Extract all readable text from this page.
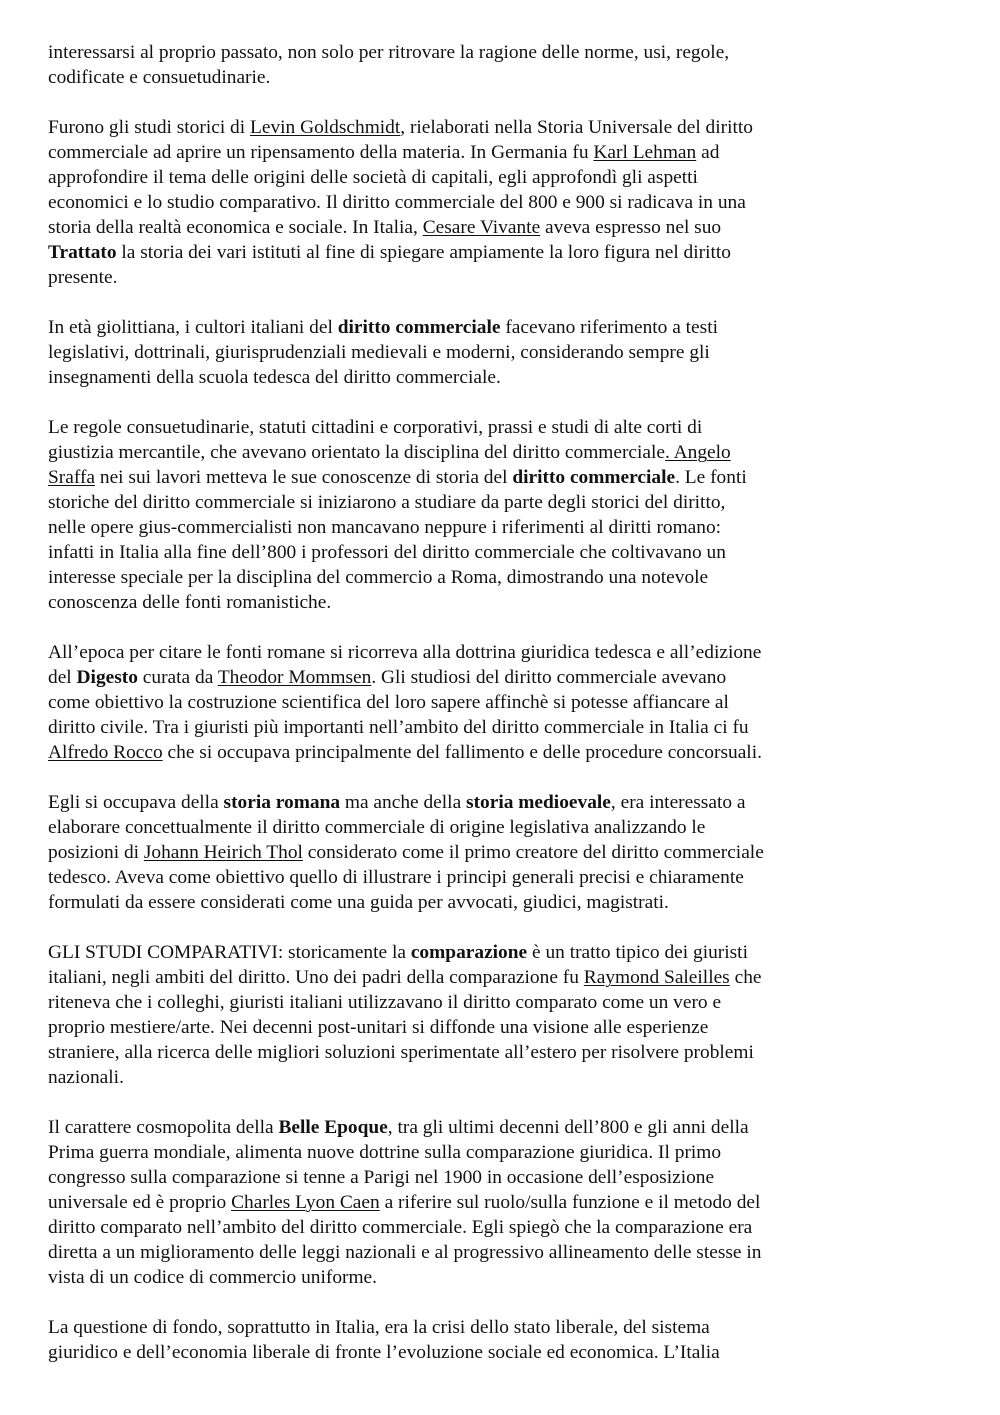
interessarsi al proprio passato, non solo per ritrovare la ragione delle norme, usi, regole,
codificate e consuetudinarie.

Furono gli studi storici di Levin Goldschmidt, rielaborati nella Storia Universale del diritto
commerciale ad aprire un ripensamento della materia. In Germania fu Karl Lehman ad
approfondire il tema delle origini delle società di capitali, egli approfondì gli aspetti
economici e lo studio comparativo. Il diritto commerciale del 800 e 900 si radicava in una
storia della realtà economica e sociale. In Italia, Cesare Vivante aveva espresso nel suo
Trattato la storia dei vari istituti al fine di spiegare ampiamente la loro figura nel diritto
presente.

In età giolittiana, i cultori italiani del diritto commerciale facevano riferimento a testi
legislativi, dottrinali, giurisprudenziali medievali e moderni, considerando sempre gli
insegnamenti della scuola tedesca del diritto commerciale.

Le regole consuetudinarie, statuti cittadini e corporativi, prassi e studi di alte corti di
giustizia mercantile, che avevano orientato la disciplina del diritto commerciale. Angelo
Sraffa nei sui lavori metteva le sue conoscenze di storia del diritto commerciale. Le fonti
storiche del diritto commerciale si iniziarono a studiare da parte degli storici del diritto,
nelle opere gius-commercialisti non mancavano neppure i riferimenti al diritti romano:
infatti in Italia alla fine dell’800 i professori del diritto commerciale che coltivavano un
interesse speciale per la disciplina del commercio a Roma, dimostrando una notevole
conoscenza delle fonti romanistiche.

All’epoca per citare le fonti romane si ricorreva alla dottrina giuridica tedesca e all’edizione
del Digesto curata da Theodor Mommsen. Gli studiosi del diritto commerciale avevano
come obiettivo la costruzione scientifica del loro sapere affinchè si potesse affiancare al
diritto civile. Tra i giuristi più importanti nell’ambito del diritto commerciale in Italia ci fu
Alfredo Rocco che si occupava principalmente del fallimento e delle procedure concorsuali.

Egli si occupava della storia romana ma anche della storia medioevale, era interessato a
elaborare concettualmente il diritto commerciale di origine legislativa analizzando le
posizioni di Johann Heirich Thol considerato come il primo creatore del diritto commerciale
tedesco. Aveva come obiettivo quello di illustrare i principi generali precisi e chiaramente
formulati da essere considerati come una guida per avvocati, giudici, magistrati.

GLI STUDI COMPARATIVI: storicamente la comparazione è un tratto tipico dei giuristi
italiani, negli ambiti del diritto. Uno dei padri della comparazione fu Raymond Saleilles che
riteneva che i colleghi, giuristi italiani utilizzavano il diritto comparato come un vero e
proprio mestiere/arte. Nei decenni post-unitari si diffonde una visione alle esperienze
straniere, alla ricerca delle migliori soluzioni sperimentate all’estero per risolvere problemi
nazionali.

Il carattere cosmopolita della Belle Epoque, tra gli ultimi decenni dell’800 e gli anni della
Prima guerra mondiale, alimenta nuove dottrine sulla comparazione giuridica. Il primo
congresso sulla comparazione si tenne a Parigi nel 1900 in occasione dell’esposizione
universale ed è proprio Charles Lyon Caen a riferire sul ruolo/sulla funzione e il metodo del
diritto comparato nell’ambito del diritto commerciale. Egli spiegò che la comparazione era
diretta a un miglioramento delle leggi nazionali e al progressivo allineamento delle stesse in
vista di un codice di commercio uniforme.

La questione di fondo, soprattutto in Italia, era la crisi dello stato liberale, del sistema
giuridico e dell’economia liberale di fronte l’evoluzione sociale ed economica. L’Italia
